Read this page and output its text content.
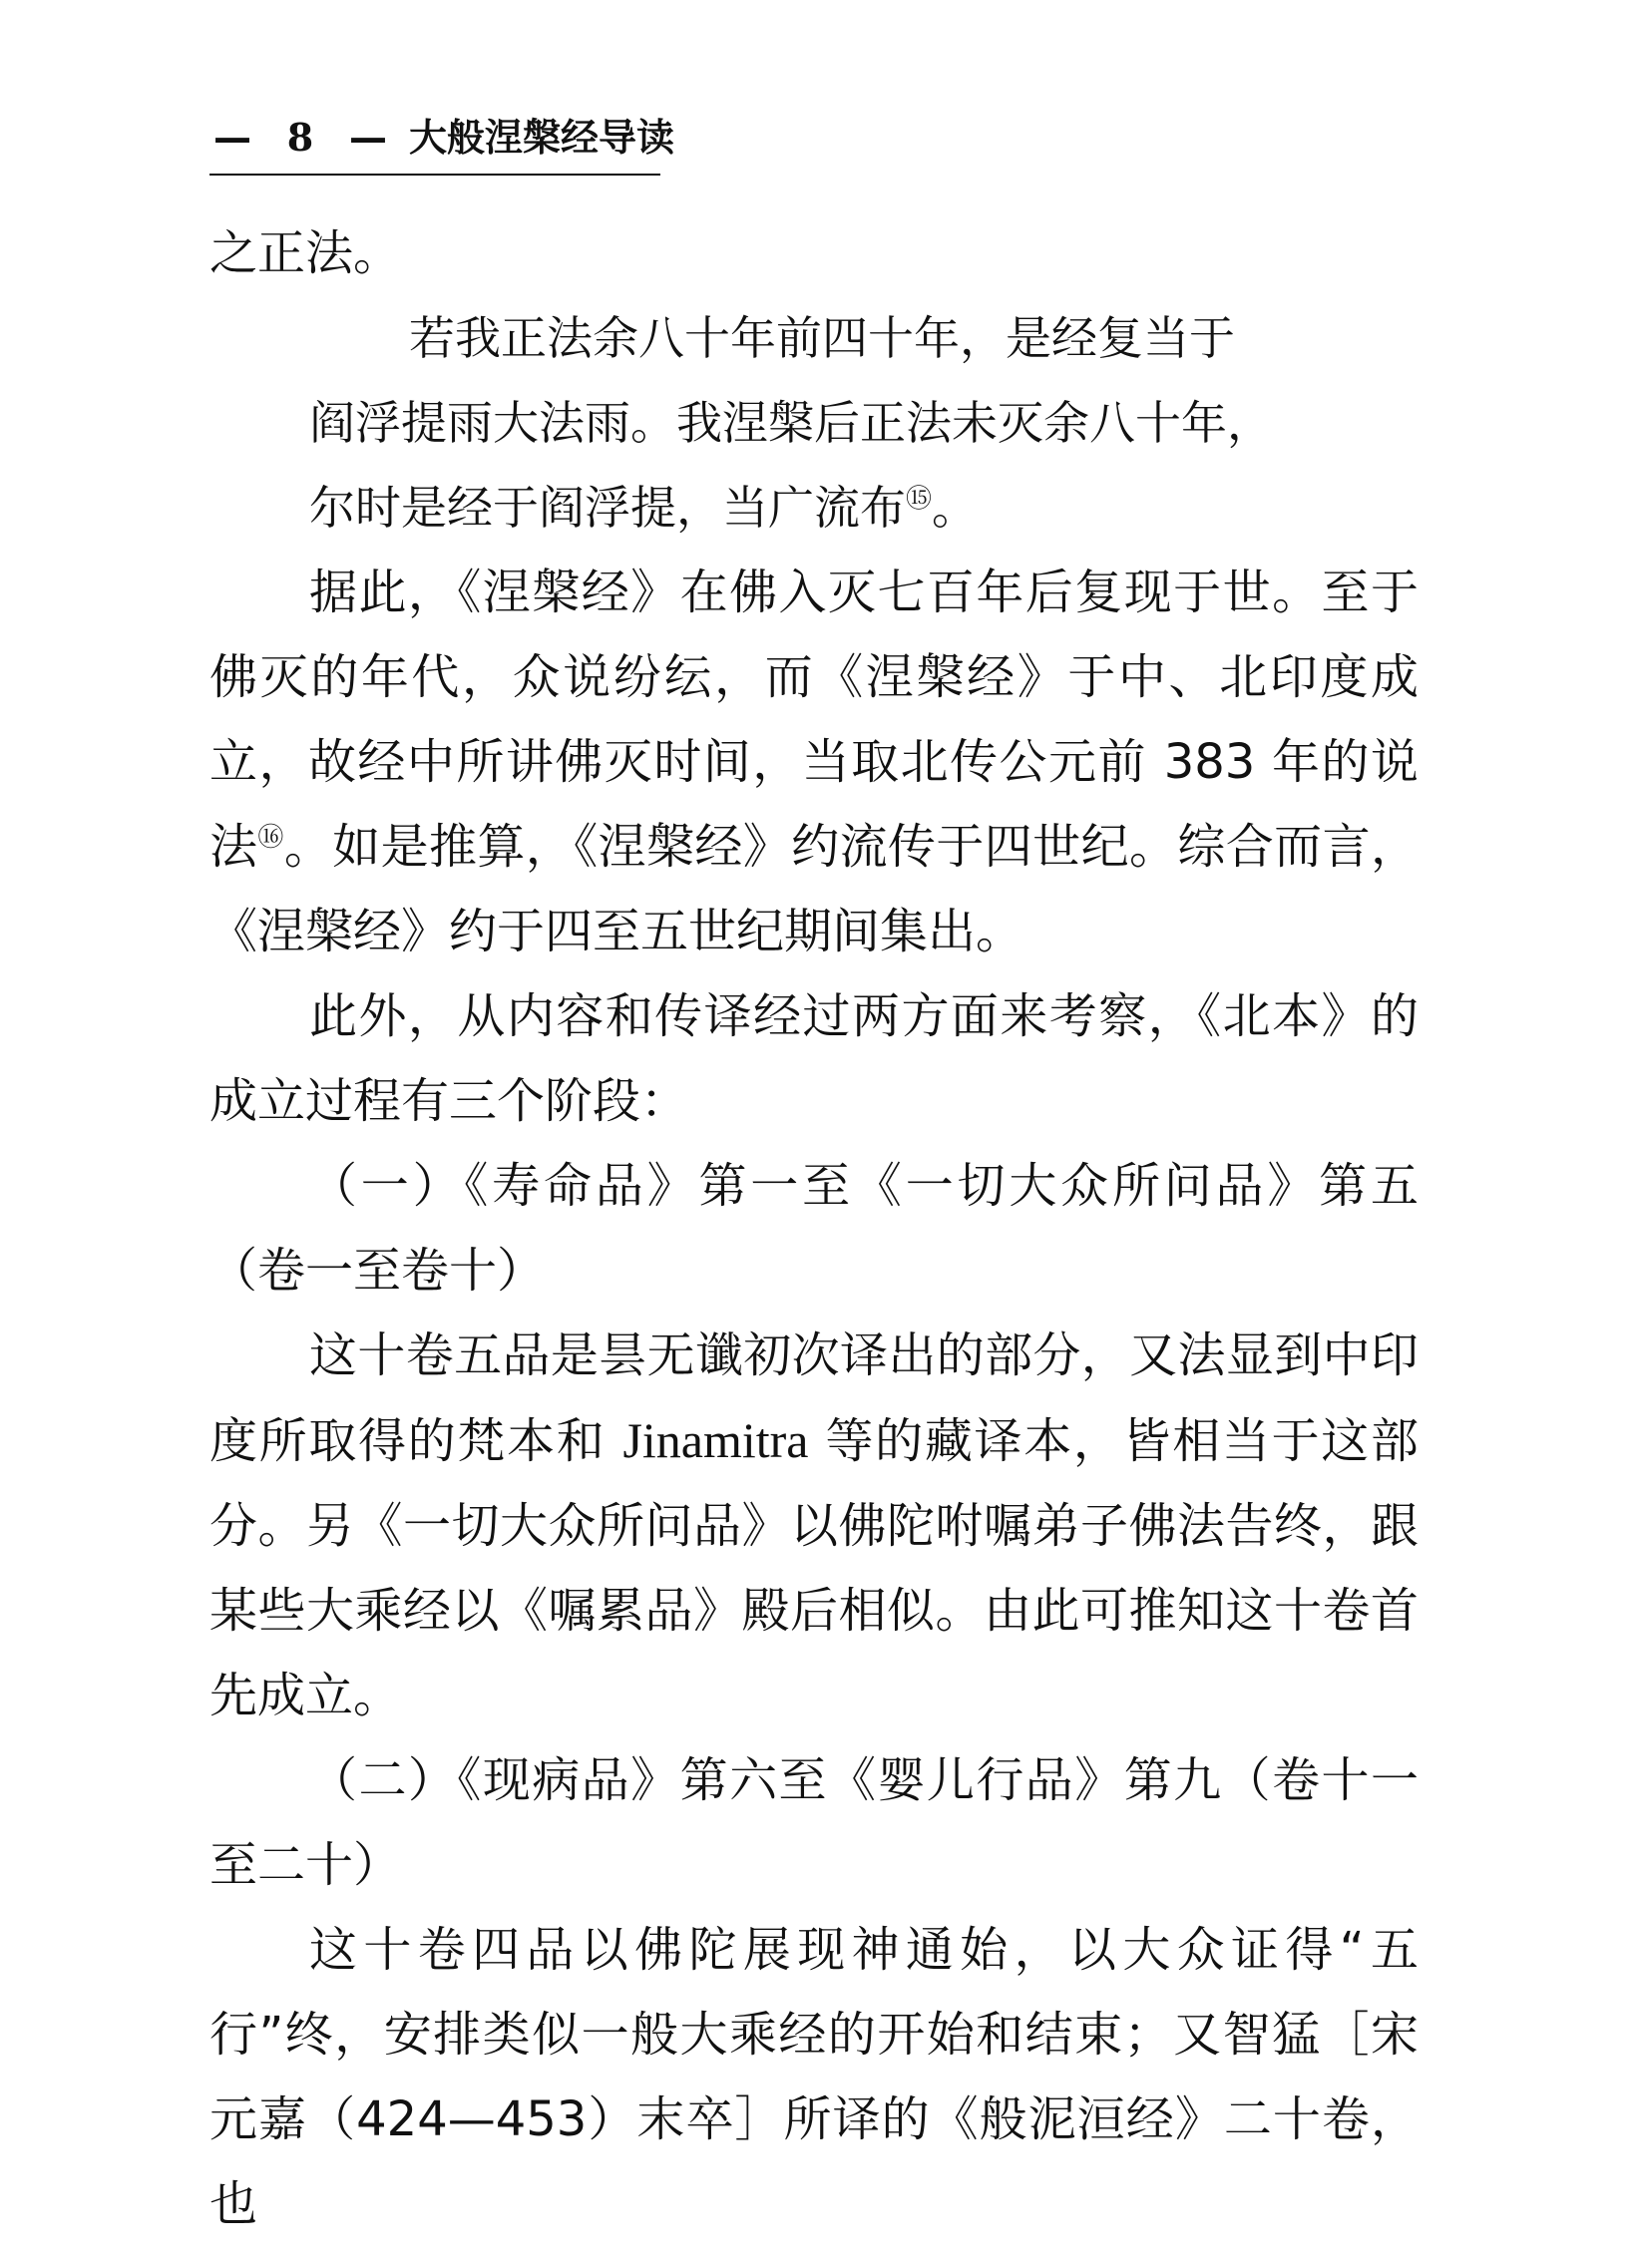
— 8 — 大般涅槃经导读

之正法。

若我正法余八十年前四十年，是经复当于
阎浮提雨大法雨。我涅槃后正法未灭余八十年，
尔时是经于阎浮提，当广流布⑮。

据此，《涅槃经》在佛入灭七百年后复现于世。至于佛灭的年代，众说纷纭，而《涅槃经》于中、北印度成立，故经中所讲佛灭时间，当取北传公元前 383 年的说法⑯。如是推算，《涅槃经》约流传于四世纪。综合而言，《涅槃经》约于四至五世纪期间集出。

此外，从内容和传译经过两方面来考察，《北本》的成立过程有三个阶段：

（一）《寿命品》第一至《一切大众所问品》第五（卷一至卷十）

这十卷五品是昙无谶初次译出的部分，又法显到中印度所取得的梵本和 Jinamitra 等的藏译本，皆相当于这部分。另《一切大众所问品》以佛陀咐嘱弟子佛法告终，跟某些大乘经以《嘱累品》殿后相似。由此可推知这十卷首先成立。

（二）《现病品》第六至《婴儿行品》第九（卷十一至二十）

这十卷四品以佛陀展现神通始，以大众证得“五行”终，安排类似一般大乘经的开始和结束；又智猛［宋元嘉（424—453）末卒］所译的《般泥洹经》二十卷，也
